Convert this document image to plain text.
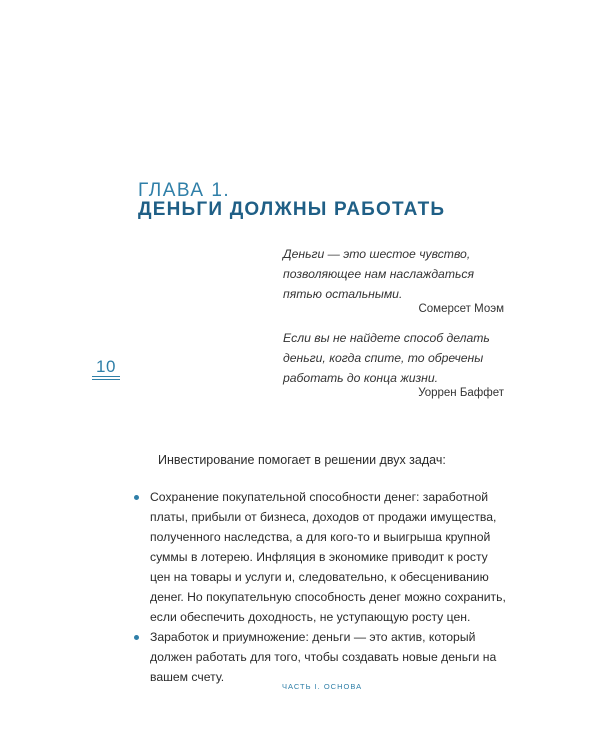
ГЛАВА 1.
ДЕНЬГИ ДОЛЖНЫ РАБОТАТЬ
Деньги — это шестое чувство, позволяющее нам наслаждаться пятью остальными.
Сомерсет Моэм
Если вы не найдете способ делать деньги, когда спите, то обречены работать до конца жизни.
Уоррен Баффет
10
Инвестирование помогает в решении двух задач:
Сохранение покупательной способности денег: заработной платы, прибыли от бизнеса, доходов от продажи имущества, полученного наследства, а для кого-то и выигрыша крупной суммы в лотерею. Инфляция в экономике приводит к росту цен на товары и услуги и, следовательно, к обесцениванию денег. Но покупательную способность денег можно сохранить, если обеспечить доходность, не уступающую росту цен.
Заработок и приумножение: деньги — это актив, который должен работать для того, чтобы создавать новые деньги на вашем счету.
ЧАСТЬ I. ОСНОВА
